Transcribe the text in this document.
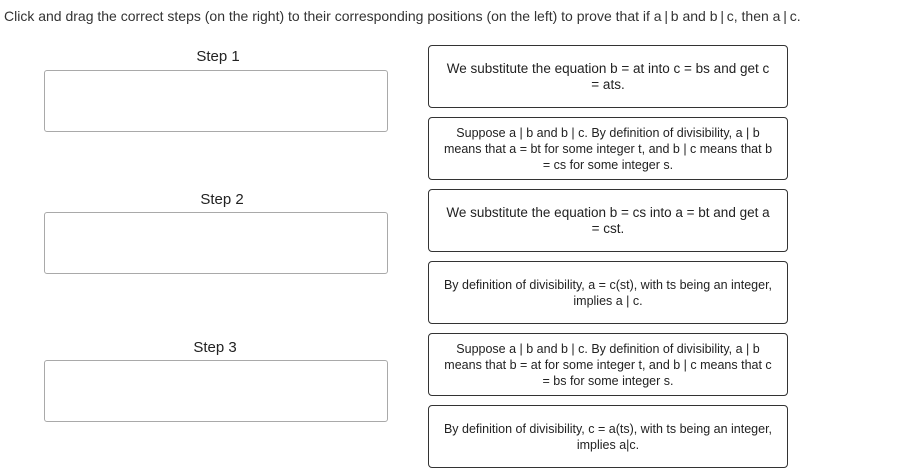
Click and drag the correct steps (on the right) to their corresponding positions (on the left) to prove that if a | b and b | c, then a | c.
Step 1
Step 2
Step 3
We substitute the equation b = at into c = bs and get c = ats.
Suppose a | b and b | c. By definition of divisibility, a | b means that a = bt for some integer t, and b | c means that b = cs for some integer s.
We substitute the equation b = cs into a = bt and get a = cst.
By definition of divisibility, a = c(st), with ts being an integer, implies a | c.
Suppose a | b and b | c. By definition of divisibility, a | b means that b = at for some integer t, and b | c means that c = bs for some integer s.
By definition of divisibility, c = a(ts), with ts being an integer, implies a|c.
